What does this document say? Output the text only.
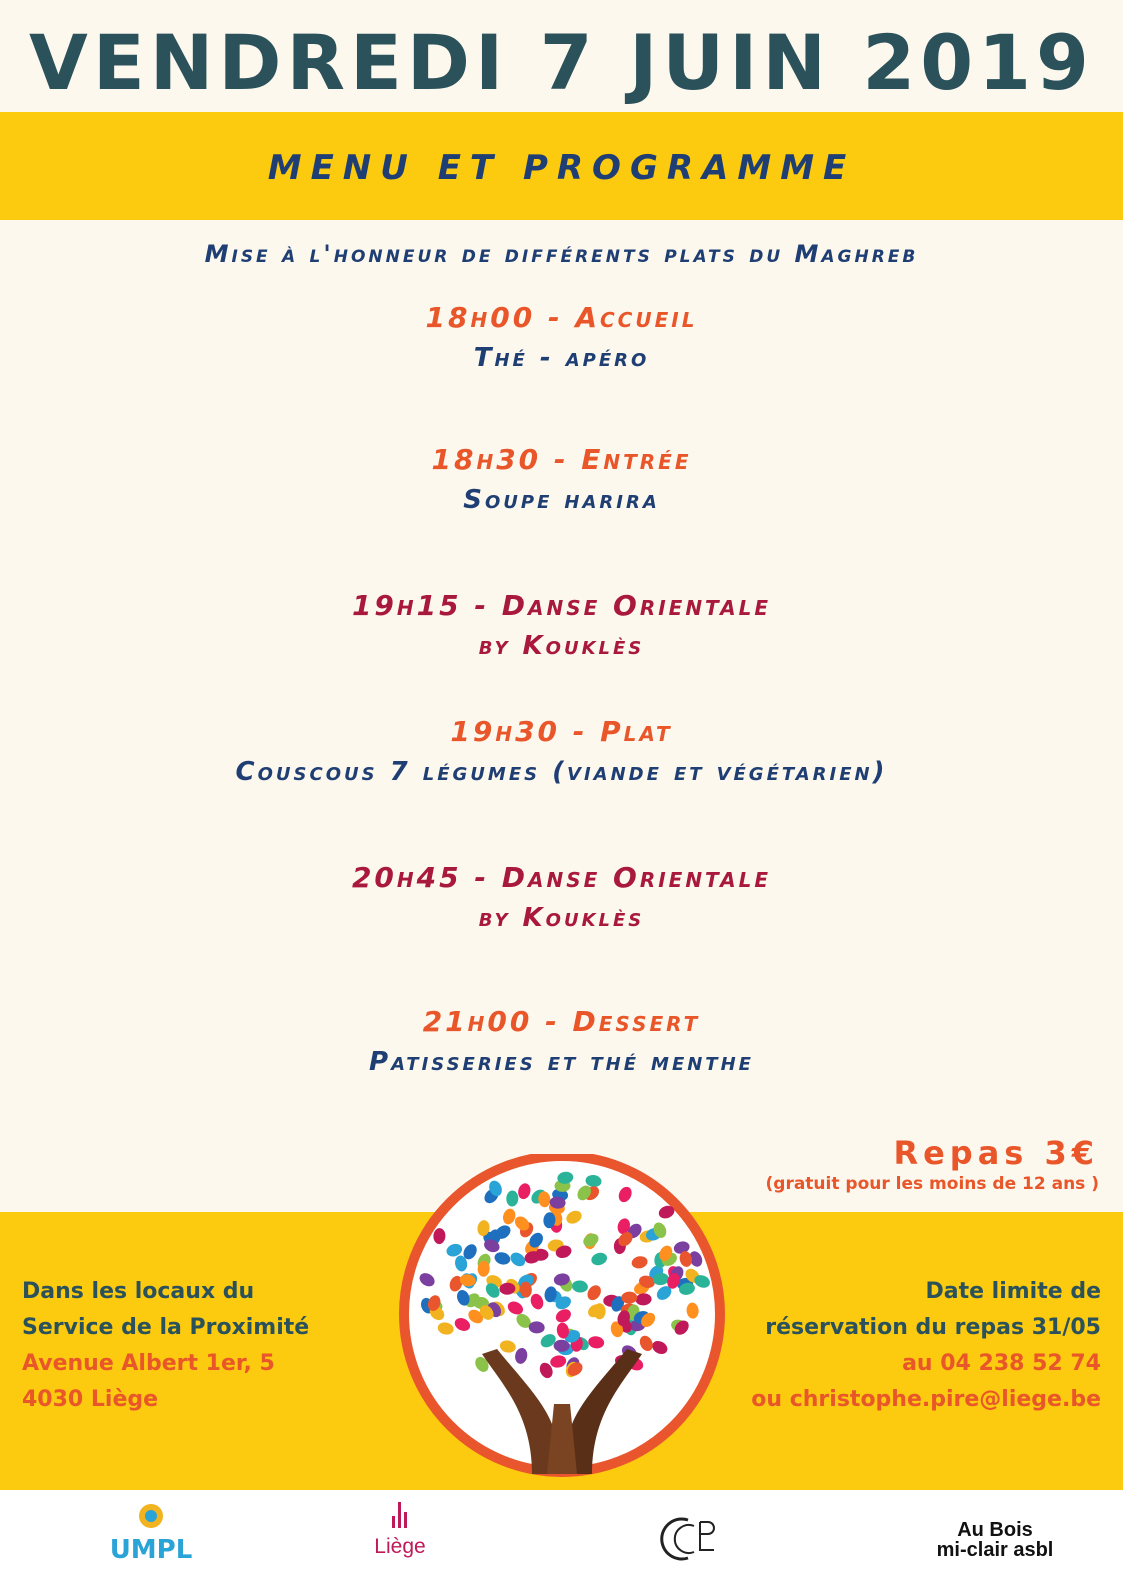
VENDREDI 7 JUIN 2019
MENU ET PROGRAMME
Mise à l'honneur de différents plats du Maghreb
18h00 - Accueil
Thé - apéro
18h30 - Entrée
Soupe harira
19h15 - Danse Orientale
by Kouklès
19h30 - Plat
Couscous 7 légumes (viande et végétarien)
20h45 - Danse Orientale
by Kouklès
21h00 - Dessert
Patisseries et thé menthe
Repas 3€
(gratuit pour les moins de 12 ans )
Dans les locaux du
Service de la Proximité
Avenue Albert 1er, 5
4030 Liège
Date limite de
réservation du repas 31/05
au 04 238 52 74
ou christophe.pire@liege.be
UMPL	Liège
Au Bois
mi-clair asbl
